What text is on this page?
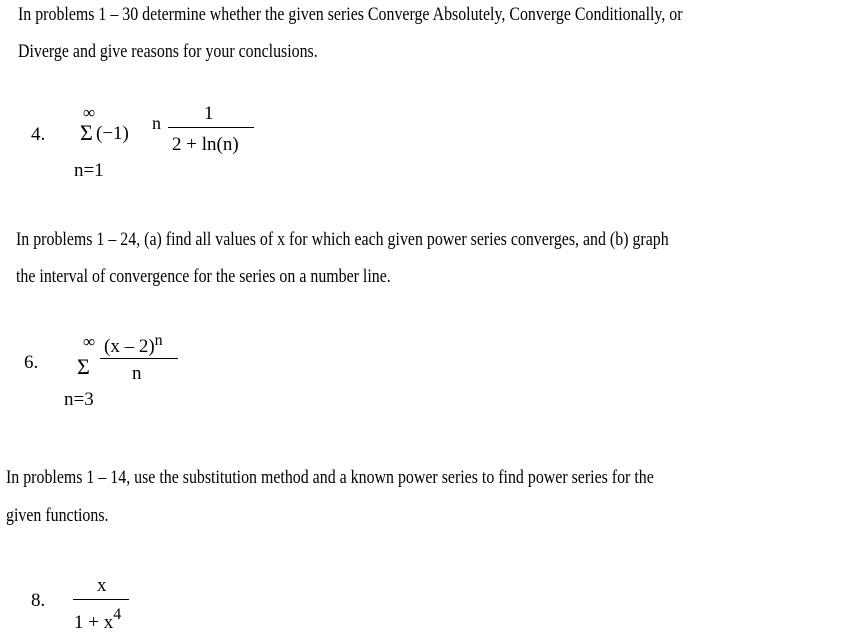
In problems 1 – 30 determine whether the given series Converge Absolutely, Converge Conditionally, or
Diverge and give reasons for your conclusions.
4.
∞
Σ (−1) n 1
2 + ln(n)
n=1
In problems 1 – 24, (a) find all values of x for which each given power series converges, and (b) graph
the interval of convergence for the series on a number line.
6.
∞
Σ
(x – 2)$^n$
n
n=3
In problems 1 – 14, use the substitution method and a known power series to find power series for the
given functions.
8.
x
$1 + x^4$
